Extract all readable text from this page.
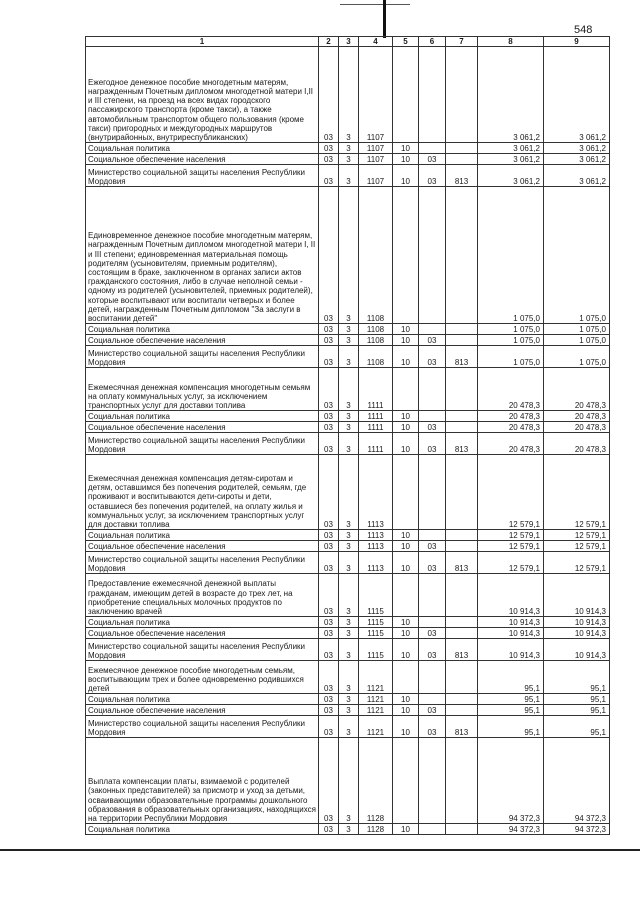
548
1	2	3	4	5	6	7	8	9
Ежегодное денежное пособие многодетным матерям, награжденным Почетным дипломом многодетной матери I,II и III степени, на проезд на всех видах городского пассажирского транспорта (кроме такси), а также автомобильным транспортом общего пользования (кроме такси) пригородных и междугородных маршрутов (внутрирайонных, внутриреспубликанских)	03	3	1107				3 061,2	3 061,2
Социальная политика	03	3	1107	10			3 061,2	3 061,2
Социальное обеспечение населения	03	3	1107	10	03		3 061,2	3 061,2
Министерство социальной защиты населения Республики Мордовия	03	3	1107	10	03	813	3 061,2	3 061,2
Единовременное денежное пособие многодетным матерям, награжденным Почетным дипломом многодетной матери I, II и III степени; единовременная материальная помощь родителям (усыновителям, приемным родителям), состоящим в браке, заключенном в органах записи актов гражданского состояния, либо в случае неполной семьи - одному из родителей (усыновителей, приемных родителей), которые воспитывают или воспитали четверых и более детей, награжденным Почетным дипломом "За заслуги в воспитании детей"	03	3	1108				1 075,0	1 075,0
Социальная политика	03	3	1108	10			1 075,0	1 075,0
Социальное обеспечение населения	03	3	1108	10	03		1 075,0	1 075,0
Министерство социальной защиты населения Республики Мордовия	03	3	1108	10	03	813	1 075,0	1 075,0
Ежемесячная денежная компенсация многодетным семьям на оплату коммунальных услуг, за исключением транспортных услуг для доставки топлива	03	3	1111				20 478,3	20 478,3
Социальная политика	03	3	1111	10			20 478,3	20 478,3
Социальное обеспечение населения	03	3	1111	10	03		20 478,3	20 478,3
Министерство социальной защиты населения Республики Мордовия	03	3	1111	10	03	813	20 478,3	20 478,3
Ежемесячная денежная компенсация детям-сиротам и детям, оставшимся без попечения родителей, семьям, где проживают и воспитываются дети-сироты и дети, оставшиеся без попечения родителей, на оплату жилья и коммунальных услуг, за исключением транспортных услуг для доставки топлива	03	3	1113				12 579,1	12 579,1
Социальная политика	03	3	1113	10			12 579,1	12 579,1
Социальное обеспечение населения	03	3	1113	10	03		12 579,1	12 579,1
Министерство социальной защиты населения Республики Мордовия	03	3	1113	10	03	813	12 579,1	12 579,1
Предоставление ежемесячной денежной выплаты гражданам, имеющим детей в возрасте до трех лет, на приобретение специальных молочных продуктов по заключению врачей	03	3	1115				10 914,3	10 914,3
Социальная политика	03	3	1115	10			10 914,3	10 914,3
Социальное обеспечение населения	03	3	1115	10	03		10 914,3	10 914,3
Министерство социальной защиты населения Республики Мордовия	03	3	1115	10	03	813	10 914,3	10 914,3
Ежемесячное денежное пособие многодетным семьям, воспитывающим трех и более одновременно родившихся детей	03	3	1121				95,1	95,1
Социальная политика	03	3	1121	10			95,1	95,1
Социальное обеспечение населения	03	3	1121	10	03		95,1	95,1
Министерство социальной защиты населения Республики Мордовия	03	3	1121	10	03	813	95,1	95,1
Выплата компенсации платы, взимаемой с родителей (законных представителей) за присмотр и уход за детьми, осваивающими образовательные программы дошкольного образования в образовательных организациях, находящихся на территории Республики Мордовия	03	3	1128				94 372,3	94 372,3
Социальная политика	03	3	1128	10			94 372,3	94 372,3
